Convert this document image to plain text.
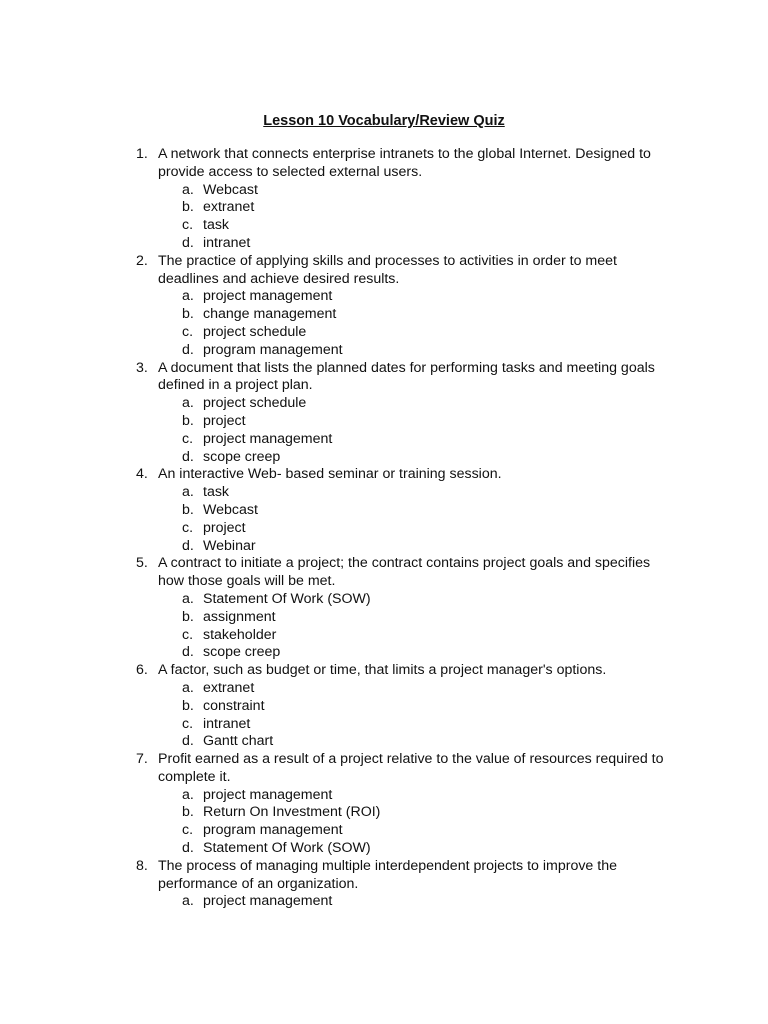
Lesson 10 Vocabulary/Review Quiz
1. A network that connects enterprise intranets to the global Internet. Designed to provide access to selected external users.
a. Webcast
b. extranet
c. task
d. intranet
2. The practice of applying skills and processes to activities in order to meet deadlines and achieve desired results.
a. project management
b. change management
c. project schedule
d. program management
3. A document that lists the planned dates for performing tasks and meeting goals defined in a project plan.
a. project schedule
b. project
c. project management
d. scope creep
4. An interactive Web- based seminar or training session.
a. task
b. Webcast
c. project
d. Webinar
5. A contract to initiate a project; the contract contains project goals and specifies how those goals will be met.
a. Statement Of Work (SOW)
b. assignment
c. stakeholder
d. scope creep
6. A factor, such as budget or time, that limits a project manager's options.
a. extranet
b. constraint
c. intranet
d. Gantt chart
7. Profit earned as a result of a project relative to the value of resources required to complete it.
a. project management
b. Return On Investment (ROI)
c. program management
d. Statement Of Work (SOW)
8. The process of managing multiple interdependent projects to improve the performance of an organization.
a. project management
